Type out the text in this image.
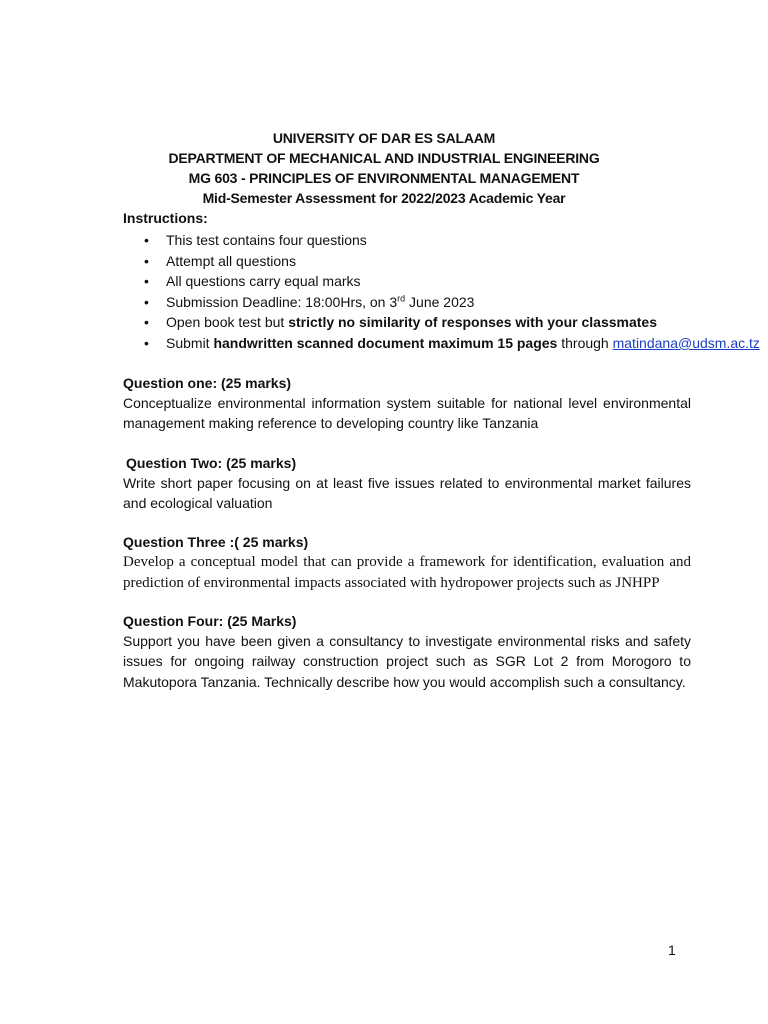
UNIVERSITY OF DAR ES SALAAM
DEPARTMENT OF MECHANICAL AND INDUSTRIAL ENGINEERING
MG 603 - PRINCIPLES OF ENVIRONMENTAL MANAGEMENT
Mid-Semester Assessment for 2022/2023 Academic Year
Instructions:
• This test contains four questions
• Attempt all questions
• All questions carry equal marks
• Submission Deadline: 18:00Hrs, on 3rd June 2023
• Open book test but strictly no similarity of responses with your classmates
• Submit handwritten scanned document maximum 15 pages through matindana@udsm.ac.tz
Question one: (25 marks)
Conceptualize environmental information system suitable for national level environmental management making reference to developing country like Tanzania
Question Two: (25 marks)
Write short paper focusing on at least five issues related to environmental market failures and ecological valuation
Question Three :( 25 marks)
Develop a conceptual model that can provide a framework for identification, evaluation and prediction of environmental impacts associated with hydropower projects such as JNHPP
Question Four: (25 Marks)
Support you have been given a consultancy to investigate environmental risks and safety issues for ongoing railway construction project such as SGR Lot 2 from Morogoro to Makutopora Tanzania. Technically describe how you would accomplish such a consultancy.
1
